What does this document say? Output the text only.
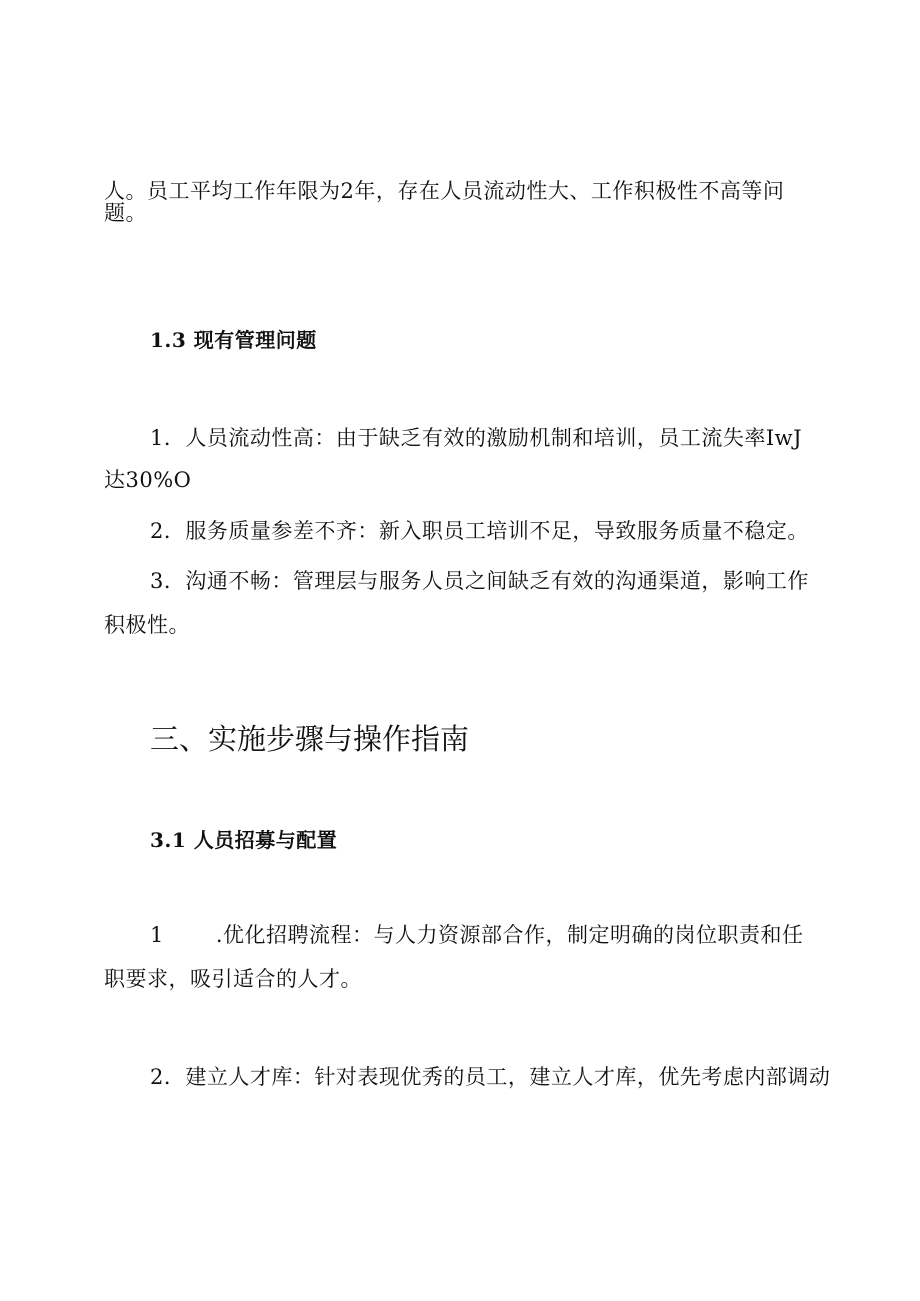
人。员工平均工作年限为2年，存在人员流动性大、工作积极性不高等问
题。
1.3 现有管理问题
1．人员流动性高：由于缺乏有效的激励机制和培训，员工流失率IwJ
达30%O
2．服务质量参差不齐：新入职员工培训不足，导致服务质量不稳定。
3．沟通不畅：管理层与服务人员之间缺乏有效的沟通渠道，影响工作
积极性。
三、实施步骤与操作指南
3.1 人员招募与配置
1 .优化招聘流程：与人力资源部合作，制定明确的岗位职责和任
职要求，吸引适合的人才。
2．建立人才库：针对表现优秀的员工，建立人才库，优先考虑内部调动
